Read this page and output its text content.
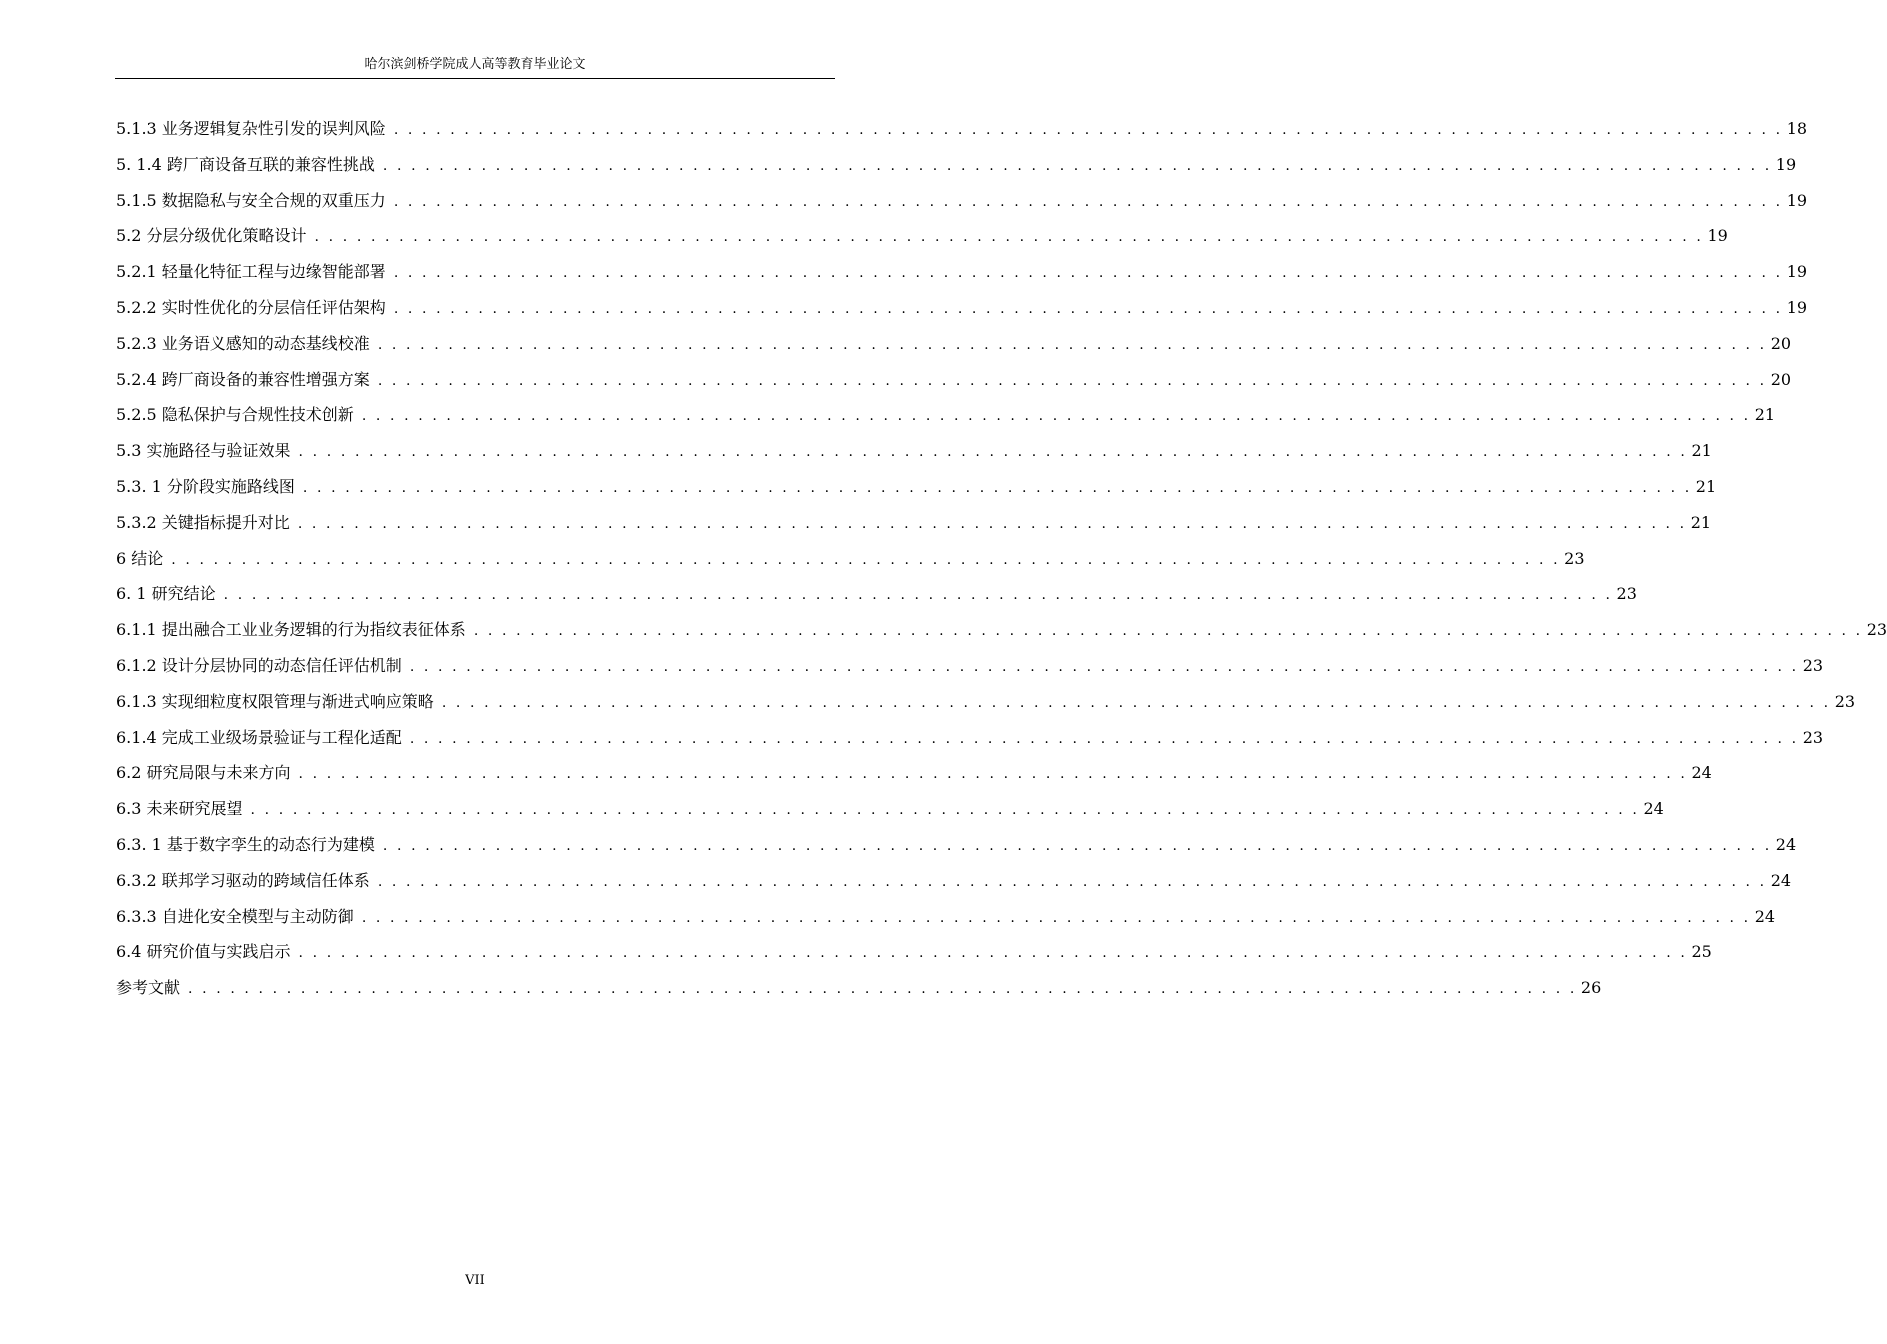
哈尔滨剑桥学院成人高等教育毕业论文
5.1.3 业务逻辑复杂性引发的误判风险 . . . . . . . . . . . . . . . . . . . . . . . . . . . . . . . . . . . . . . . . . . . . . . . . . . . . . . . . . . . . . . . . . . . . . . . . . . . . . . . . . . . . . . . . . . . . . . . . . . . 18
5. 1.4 跨厂商设备互联的兼容性挑战 . . . . . . . . . . . . . . . . . . . . . . . . . . . . . . . . . . . . . . . . . . . . . . . . . . . . . . . . . . . . . . . . . . . . . . . . . . . . . . . . . . . . . . . . . . . . . . . . . . . 19
5.1.5 数据隐私与安全合规的双重压力 . . . . . . . . . . . . . . . . . . . . . . . . . . . . . . . . . . . . . . . . . . . . . . . . . . . . . . . . . . . . . . . . . . . . . . . . . . . . . . . . . . . . . . . . . . . . . . . . . . . 19
5.2 分层分级优化策略设计 . . . . . . . . . . . . . . . . . . . . . . . . . . . . . . . . . . . . . . . . . . . . . . . . . . . . . . . . . . . . . . . . . . . . . . . . . . . . . . . . . . . . . . . . . . . . . . . . . . . 19
5.2.1 轻量化特征工程与边缘智能部署 . . . . . . . . . . . . . . . . . . . . . . . . . . . . . . . . . . . . . . . . . . . . . . . . . . . . . . . . . . . . . . . . . . . . . . . . . . . . . . . . . . . . . . . . . . . . . . . . . . . 19
5.2.2 实时性优化的分层信任评估架构 . . . . . . . . . . . . . . . . . . . . . . . . . . . . . . . . . . . . . . . . . . . . . . . . . . . . . . . . . . . . . . . . . . . . . . . . . . . . . . . . . . . . . . . . . . . . . . . . . . . 19
5.2.3 业务语义感知的动态基线校准 . . . . . . . . . . . . . . . . . . . . . . . . . . . . . . . . . . . . . . . . . . . . . . . . . . . . . . . . . . . . . . . . . . . . . . . . . . . . . . . . . . . . . . . . . . . . . . . . . . . 20
5.2.4 跨厂商设备的兼容性增强方案 . . . . . . . . . . . . . . . . . . . . . . . . . . . . . . . . . . . . . . . . . . . . . . . . . . . . . . . . . . . . . . . . . . . . . . . . . . . . . . . . . . . . . . . . . . . . . . . . . . . 20
5.2.5 隐私保护与合规性技术创新 . . . . . . . . . . . . . . . . . . . . . . . . . . . . . . . . . . . . . . . . . . . . . . . . . . . . . . . . . . . . . . . . . . . . . . . . . . . . . . . . . . . . . . . . . . . . . . . . . . . 21
5.3 实施路径与验证效果 . . . . . . . . . . . . . . . . . . . . . . . . . . . . . . . . . . . . . . . . . . . . . . . . . . . . . . . . . . . . . . . . . . . . . . . . . . . . . . . . . . . . . . . . . . . . . . . . . . . 21
5.3. 1 分阶段实施路线图 . . . . . . . . . . . . . . . . . . . . . . . . . . . . . . . . . . . . . . . . . . . . . . . . . . . . . . . . . . . . . . . . . . . . . . . . . . . . . . . . . . . . . . . . . . . . . . . . . . . 21
5.3.2 关键指标提升对比 . . . . . . . . . . . . . . . . . . . . . . . . . . . . . . . . . . . . . . . . . . . . . . . . . . . . . . . . . . . . . . . . . . . . . . . . . . . . . . . . . . . . . . . . . . . . . . . . . . . 21
6 结论 . . . . . . . . . . . . . . . . . . . . . . . . . . . . . . . . . . . . . . . . . . . . . . . . . . . . . . . . . . . . . . . . . . . . . . . . . . . . . . . . . . . . . . . . . . . . . . . . . . . 23
6. 1 研究结论 . . . . . . . . . . . . . . . . . . . . . . . . . . . . . . . . . . . . . . . . . . . . . . . . . . . . . . . . . . . . . . . . . . . . . . . . . . . . . . . . . . . . . . . . . . . . . . . . . . . 23
6.1.1 提出融合工业业务逻辑的行为指纹表征体系 . . . . . . . . . . . . . . . . . . . . . . . . . . . . . . . . . . . . . . . . . . . . . . . . . . . . . . . . . . . . . . . . . . . . . . . . . . . . . . . . . . . . . . . . . . . . . . . . . . . 23
6.1.2 设计分层协同的动态信任评估机制 . . . . . . . . . . . . . . . . . . . . . . . . . . . . . . . . . . . . . . . . . . . . . . . . . . . . . . . . . . . . . . . . . . . . . . . . . . . . . . . . . . . . . . . . . . . . . . . . . . . 23
6.1.3 实现细粒度权限管理与渐进式响应策略 . . . . . . . . . . . . . . . . . . . . . . . . . . . . . . . . . . . . . . . . . . . . . . . . . . . . . . . . . . . . . . . . . . . . . . . . . . . . . . . . . . . . . . . . . . . . . . . . . . . 23
6.1.4 完成工业级场景验证与工程化适配 . . . . . . . . . . . . . . . . . . . . . . . . . . . . . . . . . . . . . . . . . . . . . . . . . . . . . . . . . . . . . . . . . . . . . . . . . . . . . . . . . . . . . . . . . . . . . . . . . . . 23
6.2 研究局限与未来方向 . . . . . . . . . . . . . . . . . . . . . . . . . . . . . . . . . . . . . . . . . . . . . . . . . . . . . . . . . . . . . . . . . . . . . . . . . . . . . . . . . . . . . . . . . . . . . . . . . . . 24
6.3 未来研究展望 . . . . . . . . . . . . . . . . . . . . . . . . . . . . . . . . . . . . . . . . . . . . . . . . . . . . . . . . . . . . . . . . . . . . . . . . . . . . . . . . . . . . . . . . . . . . . . . . . . . 24
6.3. 1 基于数字孪生的动态行为建模 . . . . . . . . . . . . . . . . . . . . . . . . . . . . . . . . . . . . . . . . . . . . . . . . . . . . . . . . . . . . . . . . . . . . . . . . . . . . . . . . . . . . . . . . . . . . . . . . . . . 24
6.3.2 联邦学习驱动的跨域信任体系 . . . . . . . . . . . . . . . . . . . . . . . . . . . . . . . . . . . . . . . . . . . . . . . . . . . . . . . . . . . . . . . . . . . . . . . . . . . . . . . . . . . . . . . . . . . . . . . . . . . 24
6.3.3 自进化安全模型与主动防御 . . . . . . . . . . . . . . . . . . . . . . . . . . . . . . . . . . . . . . . . . . . . . . . . . . . . . . . . . . . . . . . . . . . . . . . . . . . . . . . . . . . . . . . . . . . . . . . . . . . 24
6.4 研究价值与实践启示 . . . . . . . . . . . . . . . . . . . . . . . . . . . . . . . . . . . . . . . . . . . . . . . . . . . . . . . . . . . . . . . . . . . . . . . . . . . . . . . . . . . . . . . . . . . . . . . . . . . 25
参考文献 . . . . . . . . . . . . . . . . . . . . . . . . . . . . . . . . . . . . . . . . . . . . . . . . . . . . . . . . . . . . . . . . . . . . . . . . . . . . . . . . . . . . . . . . . . . . . . . . . . . 26
VII
